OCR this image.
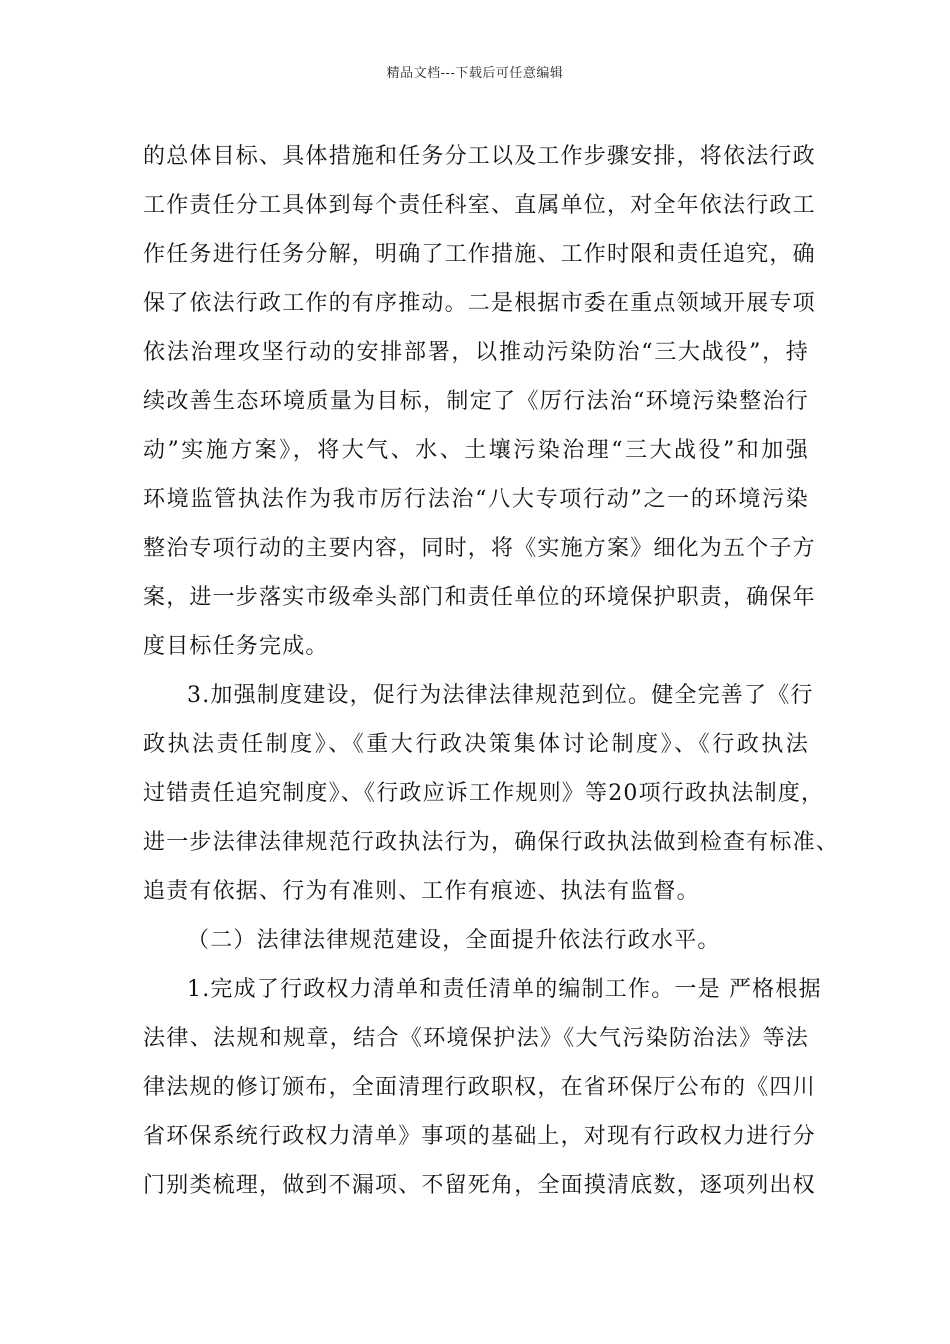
精品文档---下载后可任意编辑
的总体目标、具体措施和任务分工以及工作步骤安排，将依法行政
工作责任分工具体到每个责任科室、直属单位，对全年依法行政工
作任务进行任务分解，明确了工作措施、工作时限和责任追究，确
保了依法行政工作的有序推动。二是根据市委在重点领域开展专项
依法治理攻坚行动的安排部署，以推动污染防治“三大战役”，持
续改善生态环境质量为目标，制定了《厉行法治“环境污染整治行
动”实施方案》，将大气、水、土壤污染治理“三大战役”和加强
环境监管执法作为我市厉行法治“八大专项行动”之一的环境污染
整治专项行动的主要内容，同时，将《实施方案》细化为五个子方
案，进一步落实市级牵头部门和责任单位的环境保护职责，确保年
度目标任务完成。
3.加强制度建设，促行为法律法律规范到位。健全完善了《行
政执法责任制度》、《重大行政决策集体讨论制度》、《行政执法
过错责任追究制度》、《行政应诉工作规则》等20项行政执法制度，
进一步法律法律规范行政执法行为，确保行政执法做到检查有标准、
追责有依据、行为有准则、工作有痕迹、执法有监督。
（二）法律法律规范建设，全面提升依法行政水平。
1.完成了行政权力清单和责任清单的编制工作。一是 严格根据
法律、法规和规章，结合《环境保护法》《大气污染防治法》等法
律法规的修订颁布，全面清理行政职权，在省环保厅公布的《四川
省环保系统行政权力清单》事项的基础上，对现有行政权力进行分
门别类梳理，做到不漏项、不留死角，全面摸清底数，逐项列出权
